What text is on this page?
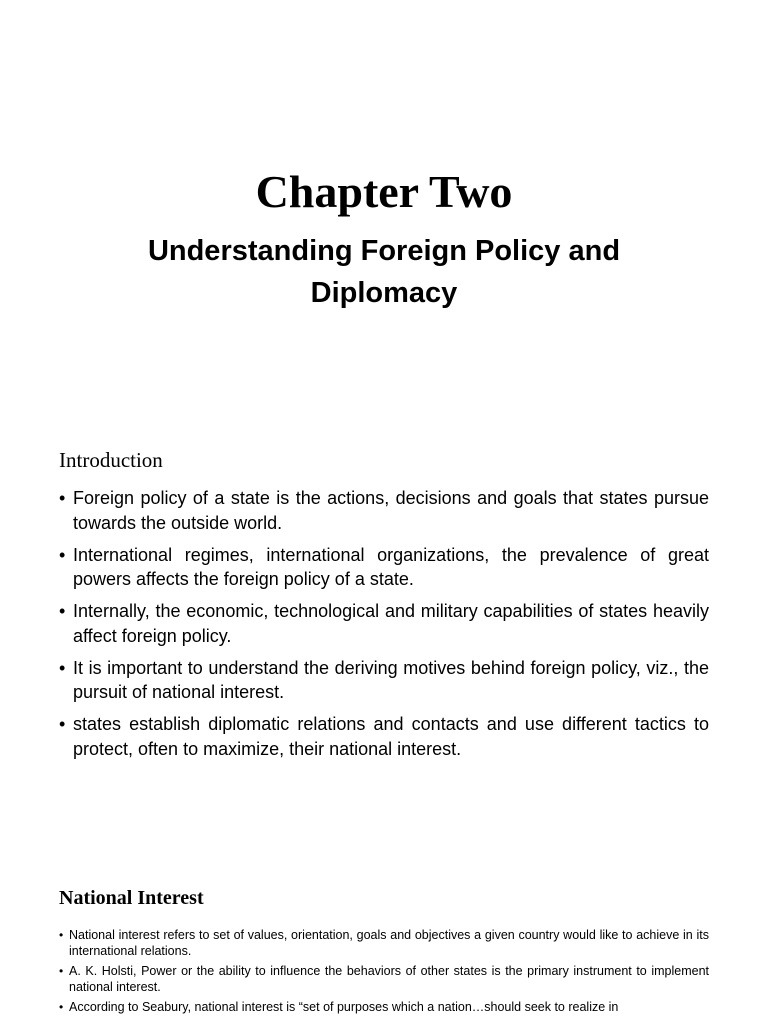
Chapter Two
Understanding Foreign Policy and Diplomacy
Introduction
• Foreign policy of a state is the actions, decisions and goals that states pursue towards the outside world.
• International regimes, international organizations, the prevalence of great powers affects the foreign policy of a state.
• Internally, the economic, technological and military capabilities of states heavily affect foreign policy.
• It is important to understand the deriving motives behind foreign policy, viz., the pursuit of national interest.
• states establish diplomatic relations and contacts and use different tactics to protect, often to maximize, their national interest.
National Interest
• National interest refers to set of values, orientation, goals and objectives a given country would like to achieve in its international relations.
• A. K. Holsti, Power or the ability to influence the behaviors of other states is the primary instrument to implement national interest.
• According to Seabury, national interest is “set of purposes which a nation…should seek to realize in
